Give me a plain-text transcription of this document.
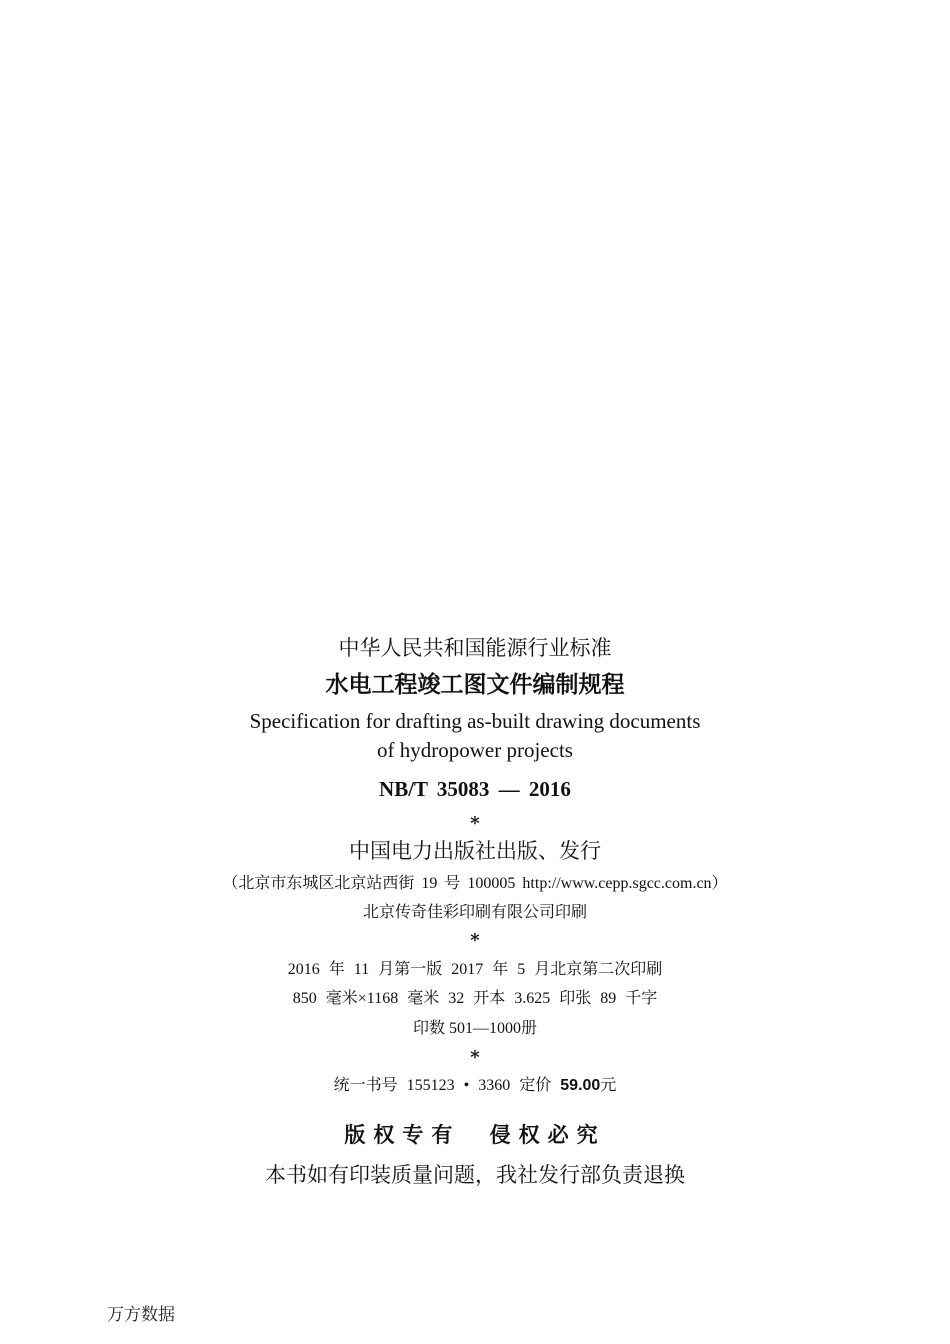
中华人民共和国能源行业标准
水电工程竣工图文件编制规程
Specification for drafting as-built drawing documents
of hydropower projects
NB/T 35083 — 2016
*
中国电力出版社出版、发行
（北京市东城区北京站西街 19 号 100005 http://www.cepp.sgcc.com.cn）
北京传奇佳彩印刷有限公司印刷
*
2016 年 11 月第一版 2017 年 5 月北京第二次印刷
850 毫米×1168 毫米 32 开本 3.625 印张 89 千字
印数 501—1000册
*
统一书号 155123 • 3360 定价 59.00元
版权专有 侵权必究
本书如有印装质量问题，我社发行部负责退换
万方数据
